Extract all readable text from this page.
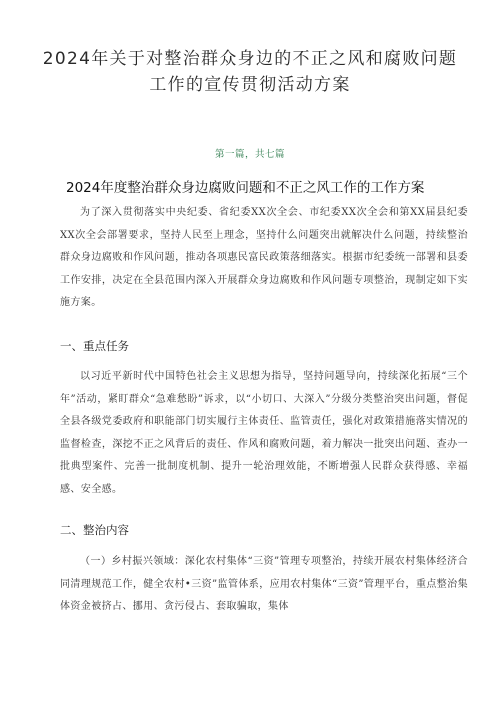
2024年关于对整治群众身边的不正之风和腐败问题
工作的宣传贯彻活动方案
第一篇，共七篇
2024年度整治群众身边腐败问题和不正之风工作的工作方案

为了深入贯彻落实中央纪委、省纪委XX次全会、市纪委XX次全会和第XX届县纪委XX次全会部署要求，坚持人民至上理念，坚持什么问题突出就解决什么问题，持续整治群众身边腐败和作风问题，推动各项惠民富民政策落细落实。根据市纪委统一部署和县委工作安排，决定在全县范围内深入开展群众身边腐败和作风问题专项整治，现制定如下实施方案。

一、重点任务

以习近平新时代中国特色社会主义思想为指导，坚持问题导向，持续深化拓展“三个年”活动，紧盯群众“急难愁盼”诉求，以“小切口、大深入”分级分类整治突出问题，督促全县各级党委政府和职能部门切实履行主体责任、监管责任，强化对政策措施落实情况的监督检查，深挖不正之风背后的责任、作风和腐败问题，着力解决一批突出问题、查办一批典型案件、完善一批制度机制、提升一轮治理效能，不断增强人民群众获得感、幸福感、安全感。

二、整治内容

（一）乡村振兴领域：深化农村集体“三资”管理专项整治，持续开展农村集体经济合同清理规范工作，健全农村•三资”监管体系，应用农村集体“三资”管理平台，重点整治集体资金被挤占、挪用、贪污侵占、套取骗取，集体
